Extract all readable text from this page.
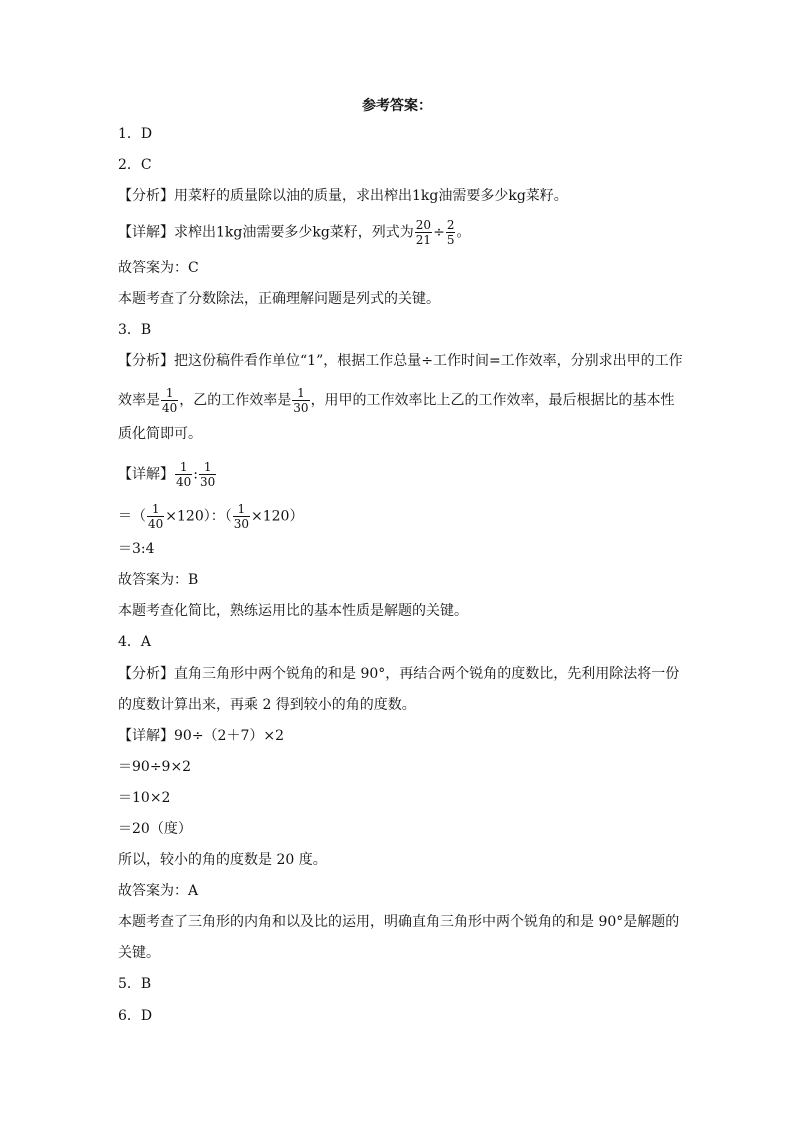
参考答案：
1．D
2．C
【分析】用菜籽的质量除以油的质量，求出榨出1kg油需要多少kg菜籽。
【详解】求榨出1kg油需要多少kg菜籽，列式为 $\frac{20}{21} \div \frac{2}{5}$ 。
故答案为：C
本题考查了分数除法，正确理解问题是列式的关键。
3．B
【分析】把这份稿件看作单位“1”，根据工作总量÷工作时间=工作效率，分别求出甲的工作
效率是 $\frac{1}{40}$ ，乙的工作效率是 $\frac{1}{30}$ ，用甲的工作效率比上乙的工作效率，最后根据比的基本性
质化简即可。
【详解】 $\frac{1}{40}$ : $\frac{1}{30}$
＝（ $\frac{1}{40} \times 120$）：（ $\frac{1}{30} \times 120$）
＝3:4
故答案为：B
本题考查化简比，熟练运用比的基本性质是解题的关键。
4．A
【分析】直角三角形中两个锐角的和是 90°，再结合两个锐角的度数比，先利用除法将一份
的度数计算出来，再乘 2 得到较小的角的度数。
【详解】90÷（2＋7）×2
＝90÷9×2
＝10×2
＝20（度）
所以，较小的角的度数是 20 度。
故答案为：A
本题考查了三角形的内角和以及比的运用，明确直角三角形中两个锐角的和是 90°是解题的
关键。
5．B
6．D
